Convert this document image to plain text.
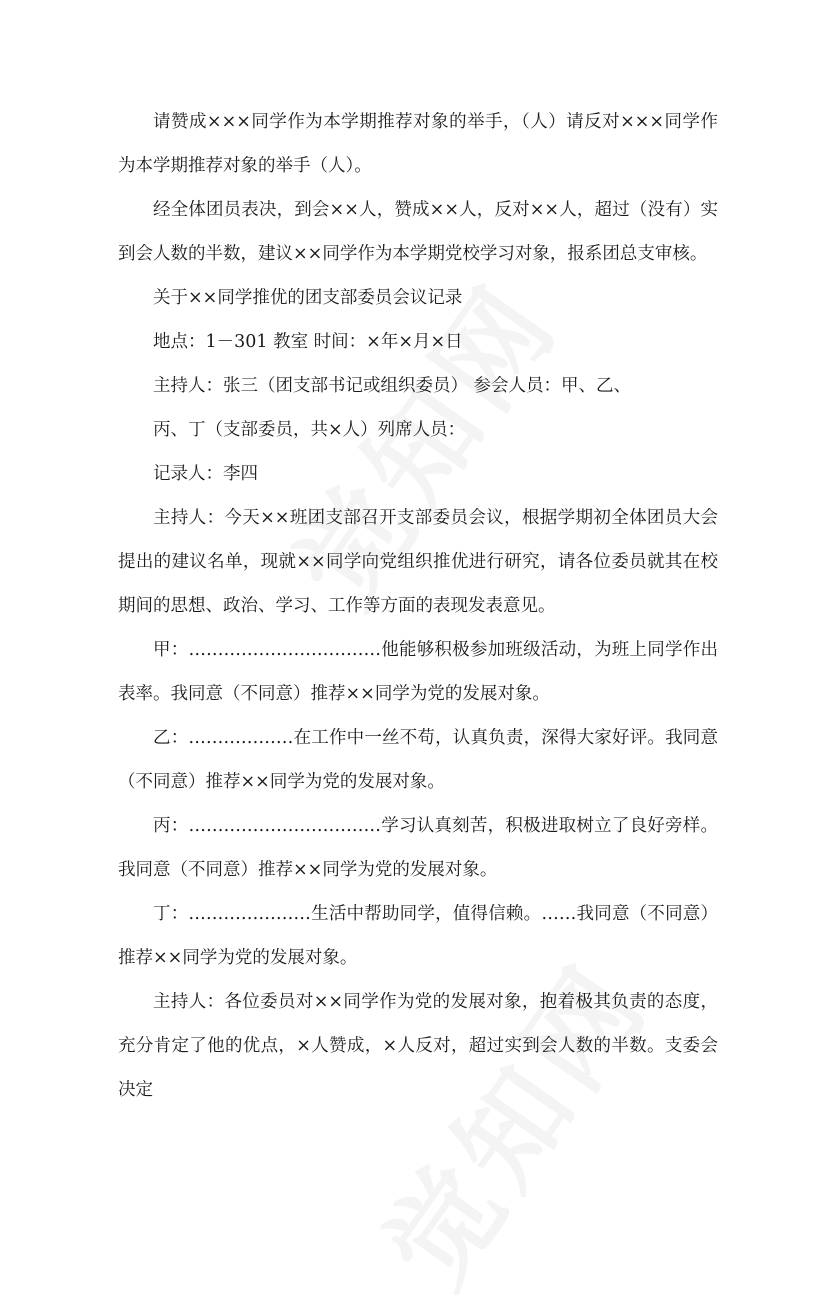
请赞成×××同学作为本学期推荐对象的举手，（人）请反对×××同学作为本学期推荐对象的举手（人）。

经全体团员表决，到会××人，赞成××人，反对××人，超过（没有）实到会人数的半数，建议××同学作为本学期党校学习对象，报系团总支审核。

关于××同学推优的团支部委员会议记录

地点：1－301 教室 时间：×年×月×日

主持人：张三（团支部书记或组织委员） 参会人员：甲、乙、

丙、丁（支部委员，共×人）列席人员：

记录人：李四

主持人：今天××班团支部召开支部委员会议，根据学期初全体团员大会提出的建议名单，现就××同学向党组织推优进行研究，请各位委员就其在校期间的思想、政治、学习、工作等方面的表现发表意见。

甲：……………………………他能够积极参加班级活动，为班上同学作出表率。我同意（不同意）推荐××同学为党的发展对象。

乙：………………在工作中一丝不苟，认真负责，深得大家好评。我同意（不同意）推荐××同学为党的发展对象。

丙：……………………………学习认真刻苦，积极进取树立了良好旁样。我同意（不同意）推荐××同学为党的发展对象。

丁：…………………生活中帮助同学，值得信赖。……我同意（不同意）推荐××同学为党的发展对象。

主持人：各位委员对××同学作为党的发展对象，抱着极其负责的态度，充分肯定了他的优点，×人赞成，×人反对，超过实到会人数的半数。支委会决定
